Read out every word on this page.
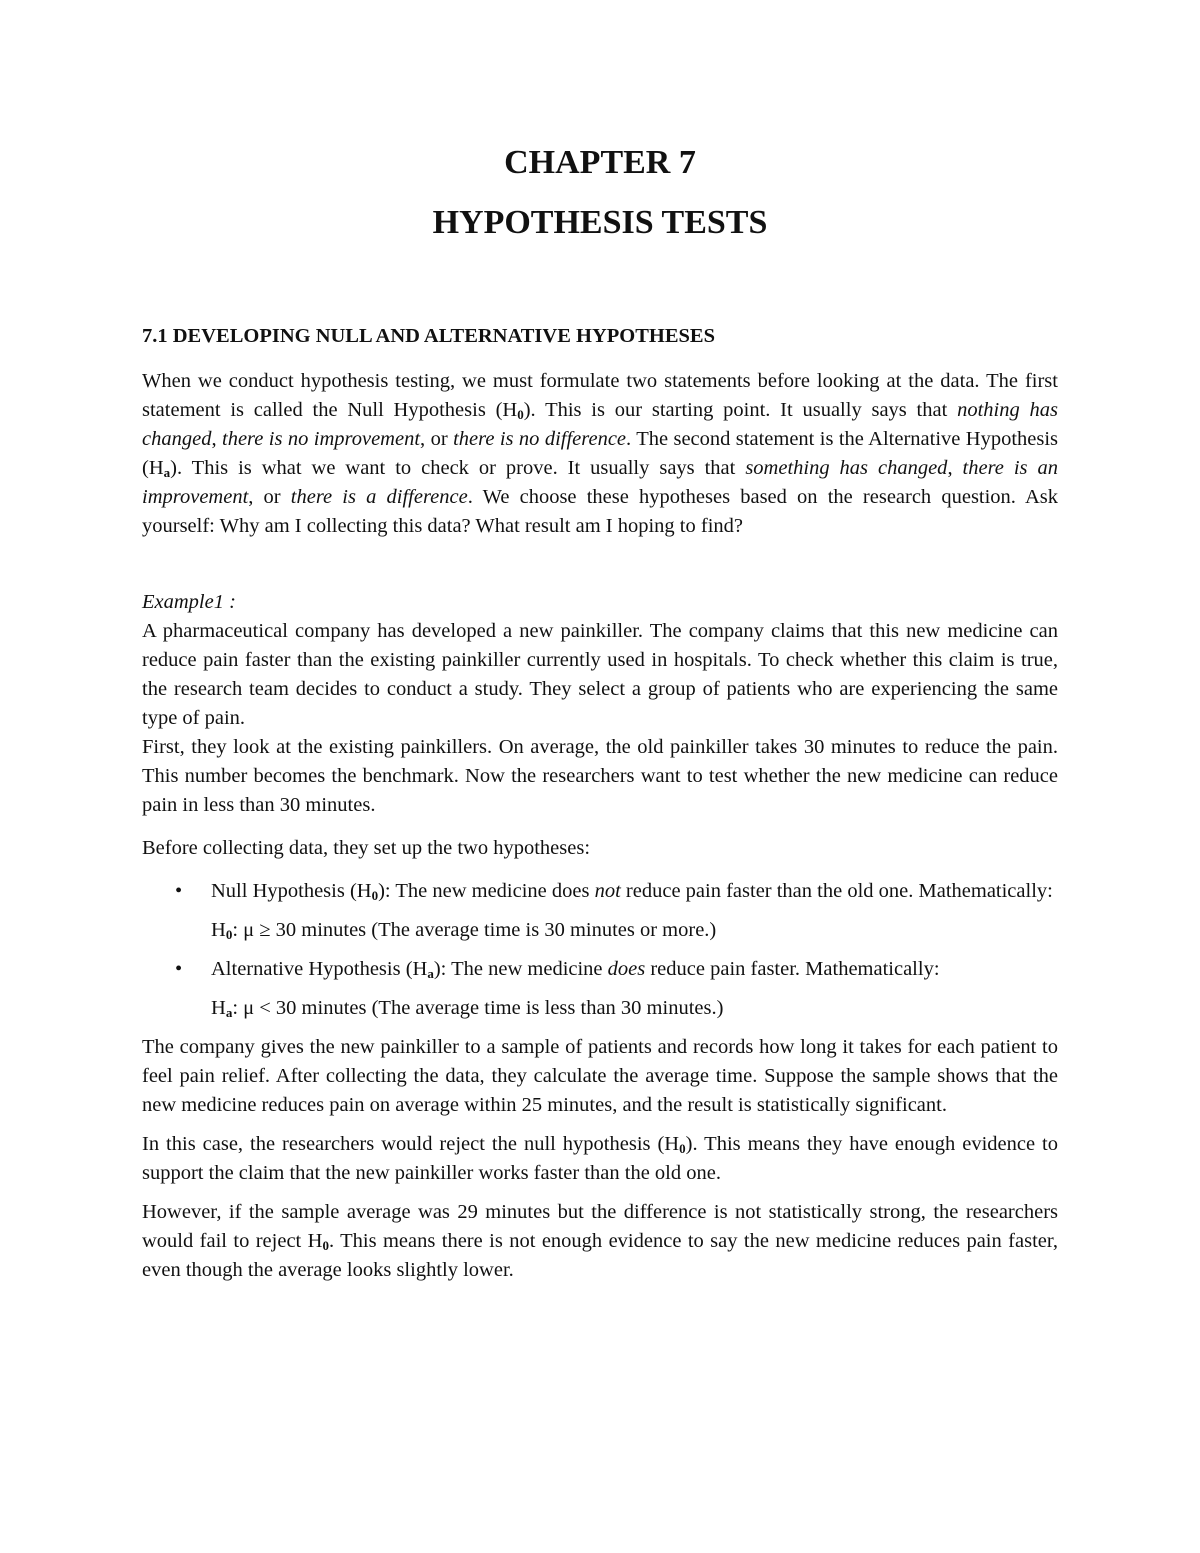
CHAPTER 7
HYPOTHESIS TESTS
7.1 DEVELOPING NULL AND ALTERNATIVE HYPOTHESES

When we conduct hypothesis testing, we must formulate two statements before looking at the data. The first statement is called the Null Hypothesis $(H_0)$. This is our starting point. It usually says that nothing has changed, there is no improvement, or there is no difference. The second statement is the Alternative Hypothesis $(H_a)$. This is what we want to check or prove. It usually says that something has changed, there is an improvement, or there is a difference. We choose these hypotheses based on the research question. Ask yourself: Why am I collecting this data? What result am I hoping to find?

Example1 :

A pharmaceutical company has developed a new painkiller. The company claims that this new medicine can reduce pain faster than the existing painkiller currently used in hospitals. To check whether this claim is true, the research team decides to conduct a study. They select a group of patients who are experiencing the same type of pain.

First, they look at the existing painkillers. On average, the old painkiller takes 30 minutes to reduce the pain. This number becomes the benchmark. Now the researchers want to test whether the new medicine can reduce pain in less than 30 minutes.

Before collecting data, they set up the two hypotheses:

• Null Hypothesis $(H_0)$: The new medicine does not reduce pain faster than the old one. Mathematically:

$H_0$: μ ≥ 30 minutes (The average time is 30 minutes or more.)

• Alternative Hypothesis $(H_a)$: The new medicine does reduce pain faster. Mathematically:

$H_a$: μ < 30 minutes (The average time is less than 30 minutes.)

The company gives the new painkiller to a sample of patients and records how long it takes for each patient to feel pain relief. After collecting the data, they calculate the average time. Suppose the sample shows that the new medicine reduces pain on average within 25 minutes, and the result is statistically significant.

In this case, the researchers would reject the null hypothesis $(H_0)$. This means they have enough evidence to support the claim that the new painkiller works faster than the old one.

However, if the sample average was 29 minutes but the difference is not statistically strong, the researchers would fail to reject $H_0$. This means there is not enough evidence to say the new medicine reduces pain faster, even though the average looks slightly lower.
